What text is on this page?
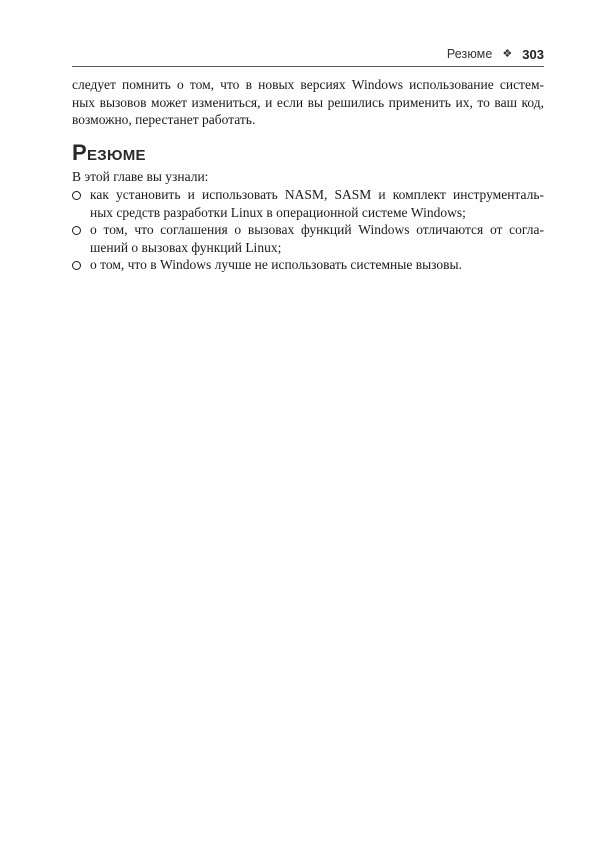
Резюме ❖ 303
следует помнить о том, что в новых версиях Windows использование систем-
ных вызовов может измениться, и если вы решились применить их, то ваш код,
возможно, перестанет работать.
Резюме
В этой главе вы узнали:
как установить и использовать NASM, SASM и комплект инструменталь-
ных средств разработки Linux в операционной системе Windows;
о том, что соглашения о вызовах функций Windows отличаются от согла-
шений о вызовах функций Linux;
о том, что в Windows лучше не использовать системные вызовы.
